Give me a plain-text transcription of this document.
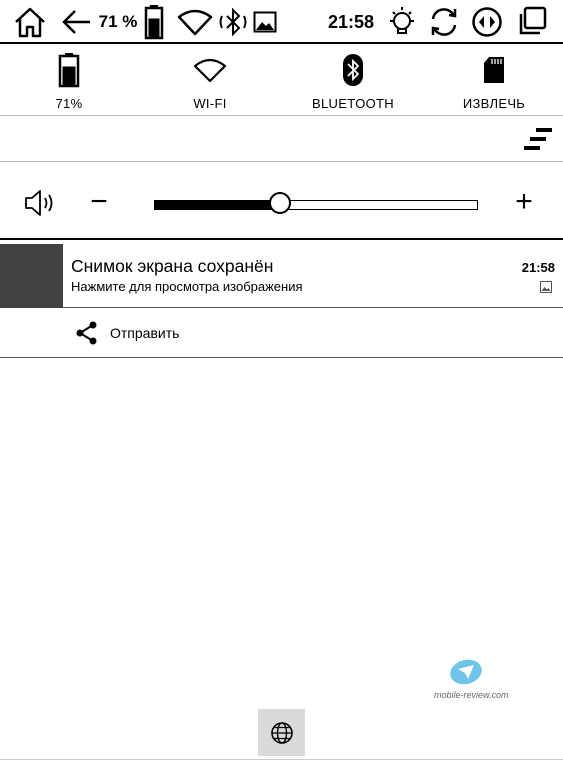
71 %	21:58
71%	WI-FI	BLUETOOTH	ИЗВЛЕЧЬ
−	+
Снимок экрана сохранён
Нажмите для просмотра изображения
21:58
Отправить
mobile-review.com
